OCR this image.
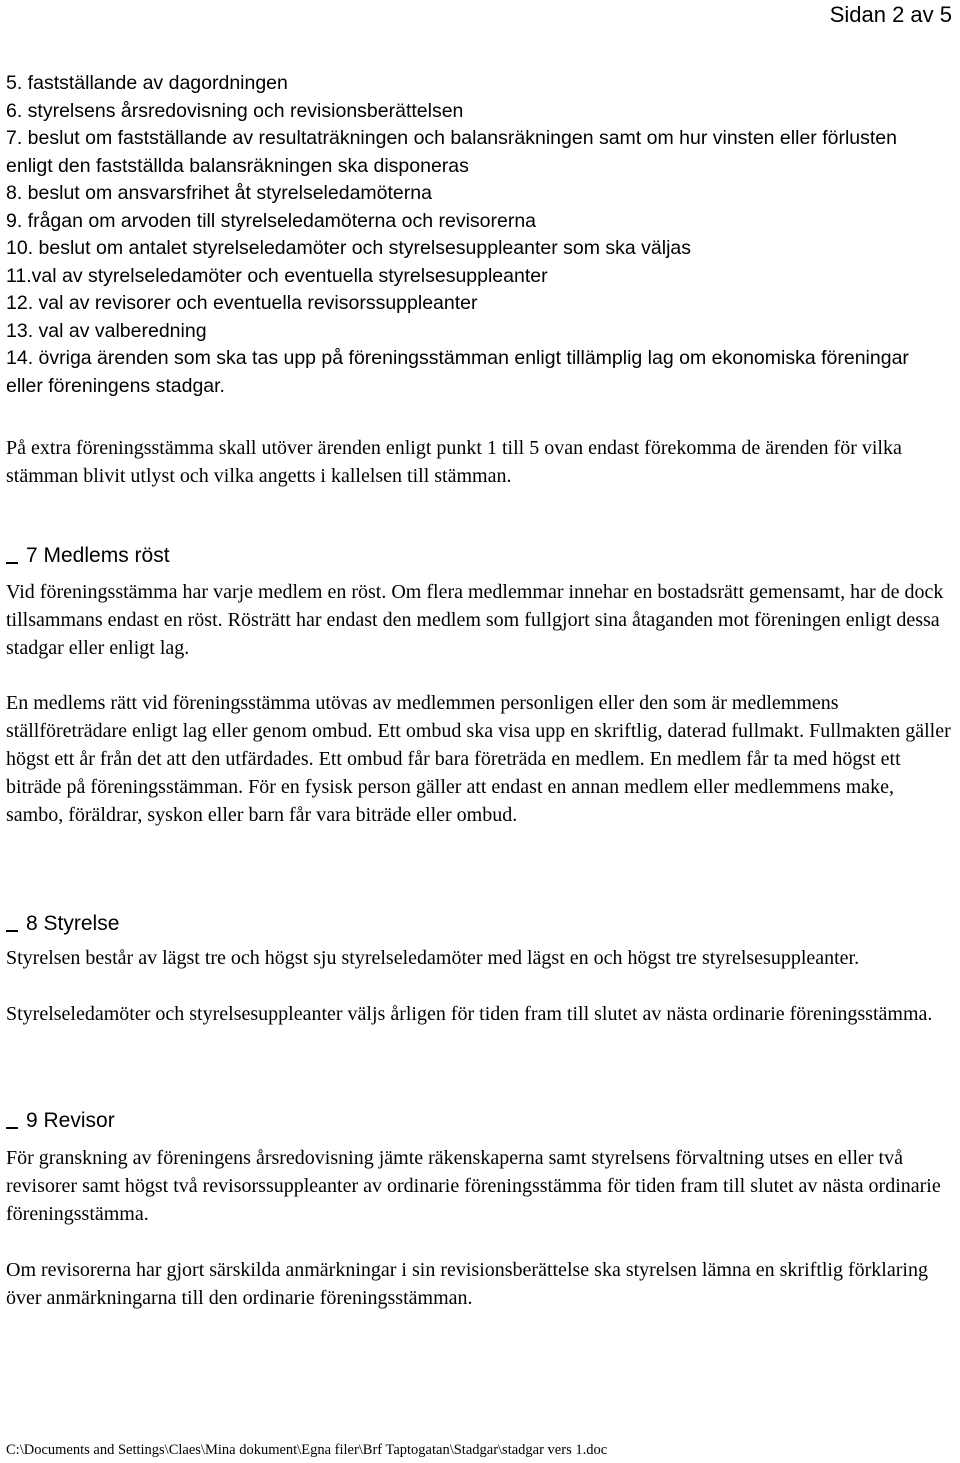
Sidan 2 av 5
5. fastställande av dagordningen
6. styrelsens årsredovisning och revisionsberättelsen
7. beslut om fastställande av resultaträkningen och balansräkningen samt om hur vinsten eller förlusten enligt den fastställda balansräkningen ska disponeras
8. beslut om ansvarsfrihet åt styrelseledamöterna
9. frågan om arvoden till styrelseledamöterna och revisorerna
10. beslut om antalet styrelseledamöter och styrelsesuppleanter som ska väljas
11.val av styrelseledamöter och eventuella styrelsesuppleanter
12. val av revisorer och eventuella revisorssuppleanter
13. val av valberedning
14. övriga ärenden som ska tas upp på föreningsstämman enligt tillämplig lag om ekonomiska föreningar eller föreningens stadgar.

På extra föreningsstämma skall utöver ärenden enligt punkt 1 till 5 ovan endast förekomma de ärenden för vilka stämman blivit utlyst och vilka angetts i kallelsen till stämman.

7 Medlems röst

Vid föreningsstämma har varje medlem en röst. Om flera medlemmar innehar en bostadsrätt gemensamt, har de dock tillsammans endast en röst. Rösträtt har endast den medlem som fullgjort sina åtaganden mot föreningen enligt dessa stadgar eller enligt lag.

En medlems rätt vid föreningsstämma utövas av medlemmen personligen eller den som är medlemmens ställföreträdare enligt lag eller genom ombud. Ett ombud ska visa upp en skriftlig, daterad fullmakt. Fullmakten gäller högst ett år från det att den utfärdades. Ett ombud får bara företräda en medlem. En medlem får ta med högst ett biträde på föreningsstämman. För en fysisk person gäller att endast en annan medlem eller medlemmens make, sambo, föräldrar, syskon eller barn får vara biträde eller ombud.

8 Styrelse

Styrelsen består av lägst tre och högst sju styrelseledamöter med lägst en och högst tre styrelsesuppleanter.

Styrelseledamöter och styrelsesuppleanter väljs årligen för tiden fram till slutet av nästa ordinarie föreningsstämma.

9 Revisor

För granskning av föreningens årsredovisning jämte räkenskaperna samt styrelsens förvaltning utses en eller två revisorer samt högst två revisorssuppleanter av ordinarie föreningsstämma för tiden fram till slutet av nästa ordinarie föreningsstämma.

Om revisorerna har gjort särskilda anmärkningar i sin revisionsberättelse ska styrelsen lämna en skriftlig förklaring över anmärkningarna till den ordinarie föreningsstämman.

C:\Documents and Settings\Claes\Mina dokument\Egna filer\Brf Taptogatan\Stadgar\stadgar vers 1.doc
